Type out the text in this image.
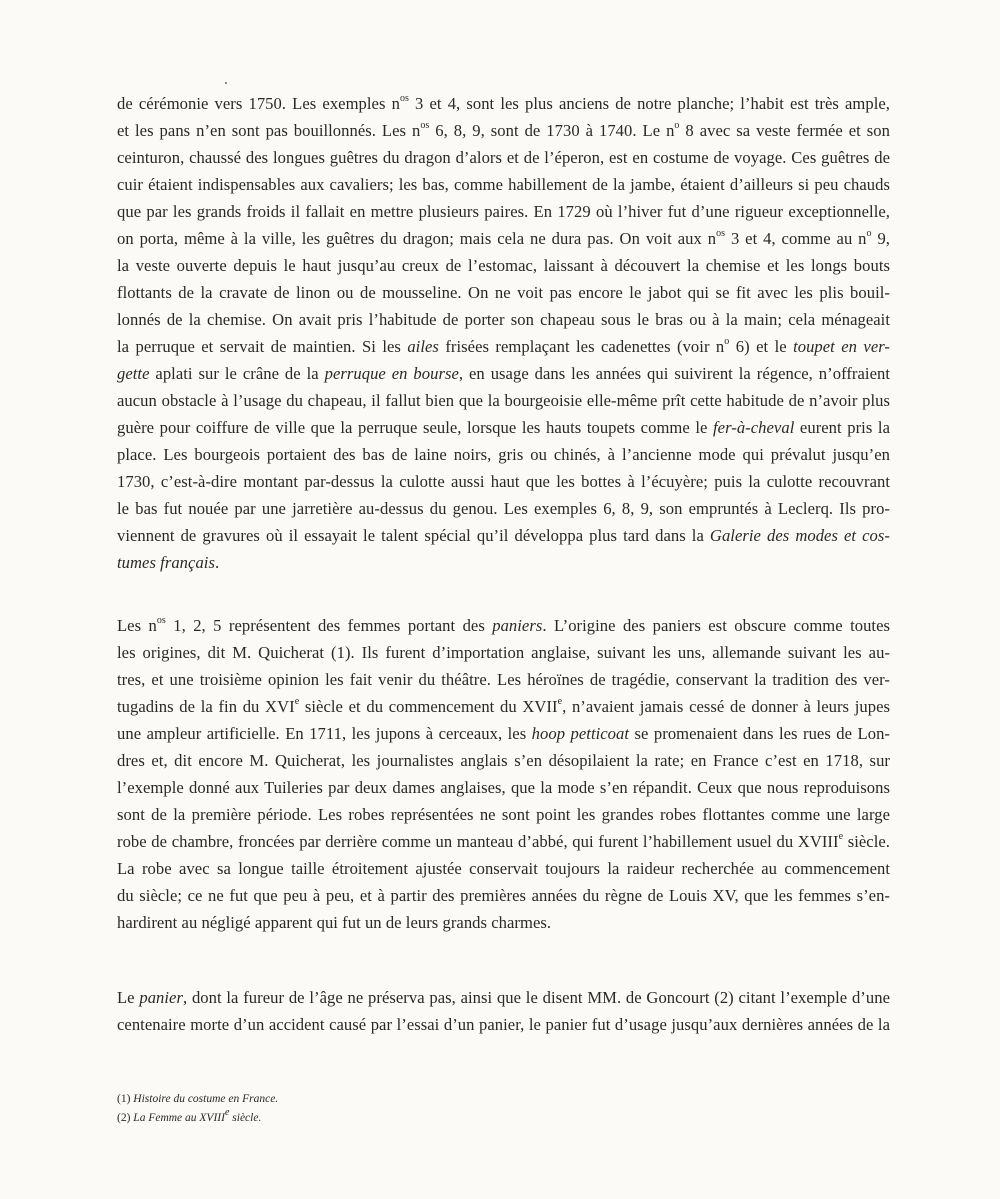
de cérémonie vers 1750. Les exemples $n^{os}$ 3 et 4, sont les plus anciens de notre planche; l’habit est très ample,
et les pans n’en sont pas bouillonnés. Les $n^{os}$ 6, 8, 9, sont de 1730 à 1740. Le $n^o$ 8 avec sa veste fermée et son
ceinturon, chaussé des longues guêtres du dragon d’alors et de l’éperon, est en costume de voyage. Ces guêtres de
cuir étaient indispensables aux cavaliers; les bas, comme habillement de la jambe, étaient d’ailleurs si peu chauds
que par les grands froids il fallait en mettre plusieurs paires. En 1729 où l’hiver fut d’une rigueur exceptionnelle,
on porta, même à la ville, les guêtres du dragon; mais cela ne dura pas. On voit aux $n^{os}$ 3 et 4, comme au $n^o$ 9,
la veste ouverte depuis le haut jusqu’au creux de l’estomac, laissant à découvert la chemise et les longs bouts
flottants de la cravate de linon ou de mousseline. On ne voit pas encore le jabot qui se fit avec les plis bouil-
lonnés de la chemise. On avait pris l’habitude de porter son chapeau sous le bras ou à la main; cela ménageait
la perruque et servait de maintien. Si les ailes frisées remplaçant les cadenettes (voir $n^o$ 6) et le toupet en ver-
gette aplati sur le crâne de la perruque en bourse, en usage dans les années qui suivirent la régence, n’offraient
aucun obstacle à l’usage du chapeau, il fallut bien que la bourgeoisie elle-même prît cette habitude de n’avoir plus
guère pour coiffure de ville que la perruque seule, lorsque les hauts toupets comme le fer-à-cheval eurent pris la
place. Les bourgeois portaient des bas de laine noirs, gris ou chinés, à l’ancienne mode qui prévalut jusqu’en
1730, c’est-à-dire montant par-dessus la culotte aussi haut que les bottes à l’écuyère; puis la culotte recouvrant
le bas fut nouée par une jarretière au-dessus du genou. Les exemples 6, 8, 9, son empruntés à Leclerq. Ils pro-
viennent de gravures où il essayait le talent spécial qu’il développa plus tard dans la Galerie des modes et cos-
tumes français.
Les $n^{os}$ 1, 2, 5 représentent des femmes portant des paniers. L’origine des paniers est obscure comme toutes
les origines, dit M. Quicherat (1). Ils furent d’importation anglaise, suivant les uns, allemande suivant les au-
tres, et une troisième opinion les fait venir du théâtre. Les héroïnes de tragédie, conservant la tradition des ver-
tugadins de la fin du XVIe siècle et du commencement du XVIIe, n’avaient jamais cessé de donner à leurs jupes
une ampleur artificielle. En 1711, les jupons à cerceaux, les hoop petticoat se promenaient dans les rues de Lon-
dres et, dit encore M. Quicherat, les journalistes anglais s’en désopilaient la rate; en France c’est en 1718, sur
l’exemple donné aux Tuileries par deux dames anglaises, que la mode s’en répandit. Ceux que nous reproduisons
sont de la première période. Les robes représentées ne sont point les grandes robes flottantes comme une large
robe de chambre, froncées par derrière comme un manteau d’abbé, qui furent l’habillement usuel du XVIIIe siècle.
La robe avec sa longue taille étroitement ajustée conservait toujours la raideur recherchée au commencement
du siècle; ce ne fut que peu à peu, et à partir des premières années du règne de Louis XV, que les femmes s’en-
hardirent au négligé apparent qui fut un de leurs grands charmes.
Le panier, dont la fureur de l’âge ne préserva pas, ainsi que le disent MM. de Goncourt (2) citant l’exemple d’une
centenaire morte d’un accident causé par l’essai d’un panier, le panier fut d’usage jusqu’aux dernières années de la
(1) Histoire du costume en France.
(2) La Femme au XVIIIe siècle.
